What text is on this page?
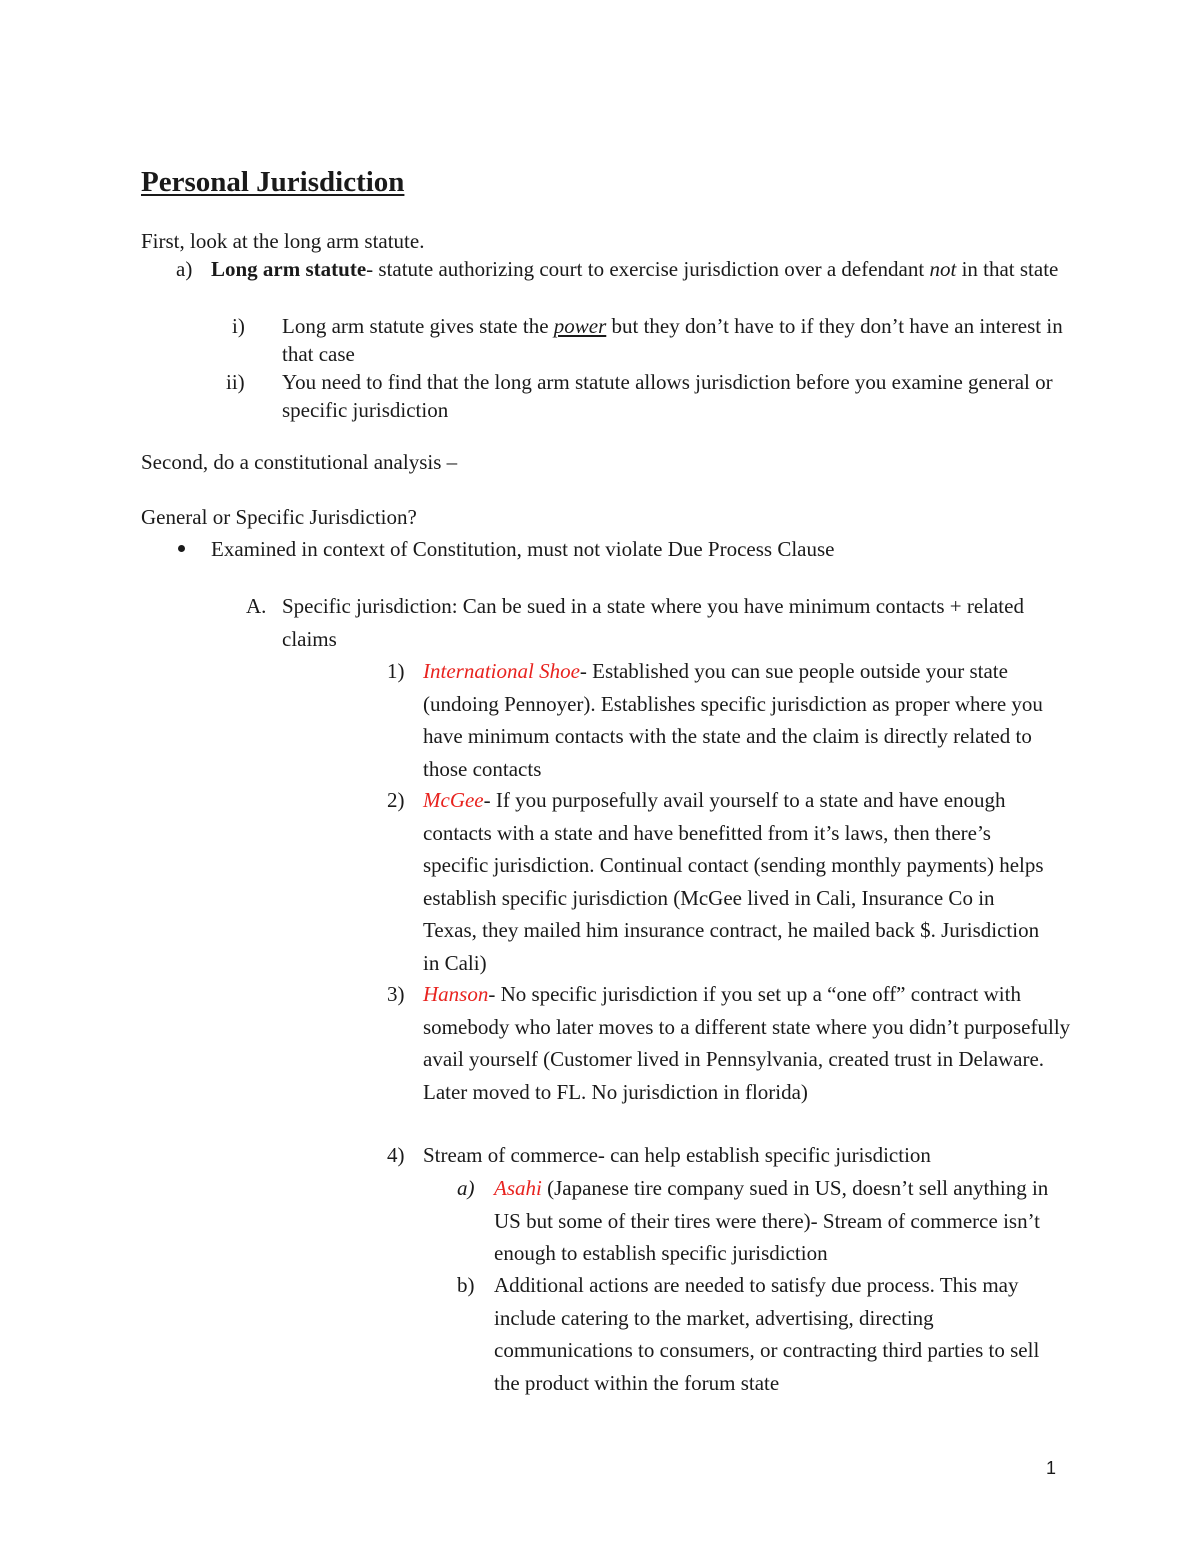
Personal Jurisdiction
First, look at the long arm statute.
a) Long arm statute- statute authorizing court to exercise jurisdiction over a defendant not in that state
i) Long arm statute gives state the power but they don’t have to if they don’t have an interest in that case
ii) You need to find that the long arm statute allows jurisdiction before you examine general or specific jurisdiction
Second, do a constitutional analysis –
General or Specific Jurisdiction?
Examined in context of Constitution, must not violate Due Process Clause
A. Specific jurisdiction: Can be sued in a state where you have minimum contacts + related claims
1) International Shoe- Established you can sue people outside your state (undoing Pennoyer). Establishes specific jurisdiction as proper where you have minimum contacts with the state and the claim is directly related to those contacts
2) McGee- If you purposefully avail yourself to a state and have enough contacts with a state and have benefitted from it’s laws, then there’s specific jurisdiction. Continual contact (sending monthly payments) helps establish specific jurisdiction (McGee lived in Cali, Insurance Co in Texas, they mailed him insurance contract, he mailed back $. Jurisdiction in Cali)
3) Hanson- No specific jurisdiction if you set up a “one off” contract with somebody who later moves to a different state where you didn’t purposefully avail yourself (Customer lived in Pennsylvania, created trust in Delaware. Later moved to FL. No jurisdiction in florida)
4) Stream of commerce- can help establish specific jurisdiction
a) Asahi (Japanese tire company sued in US, doesn’t sell anything in US but some of their tires were there)- Stream of commerce isn’t enough to establish specific jurisdiction
b) Additional actions are needed to satisfy due process. This may include catering to the market, advertising, directing communications to consumers, or contracting third parties to sell the product within the forum state
1
